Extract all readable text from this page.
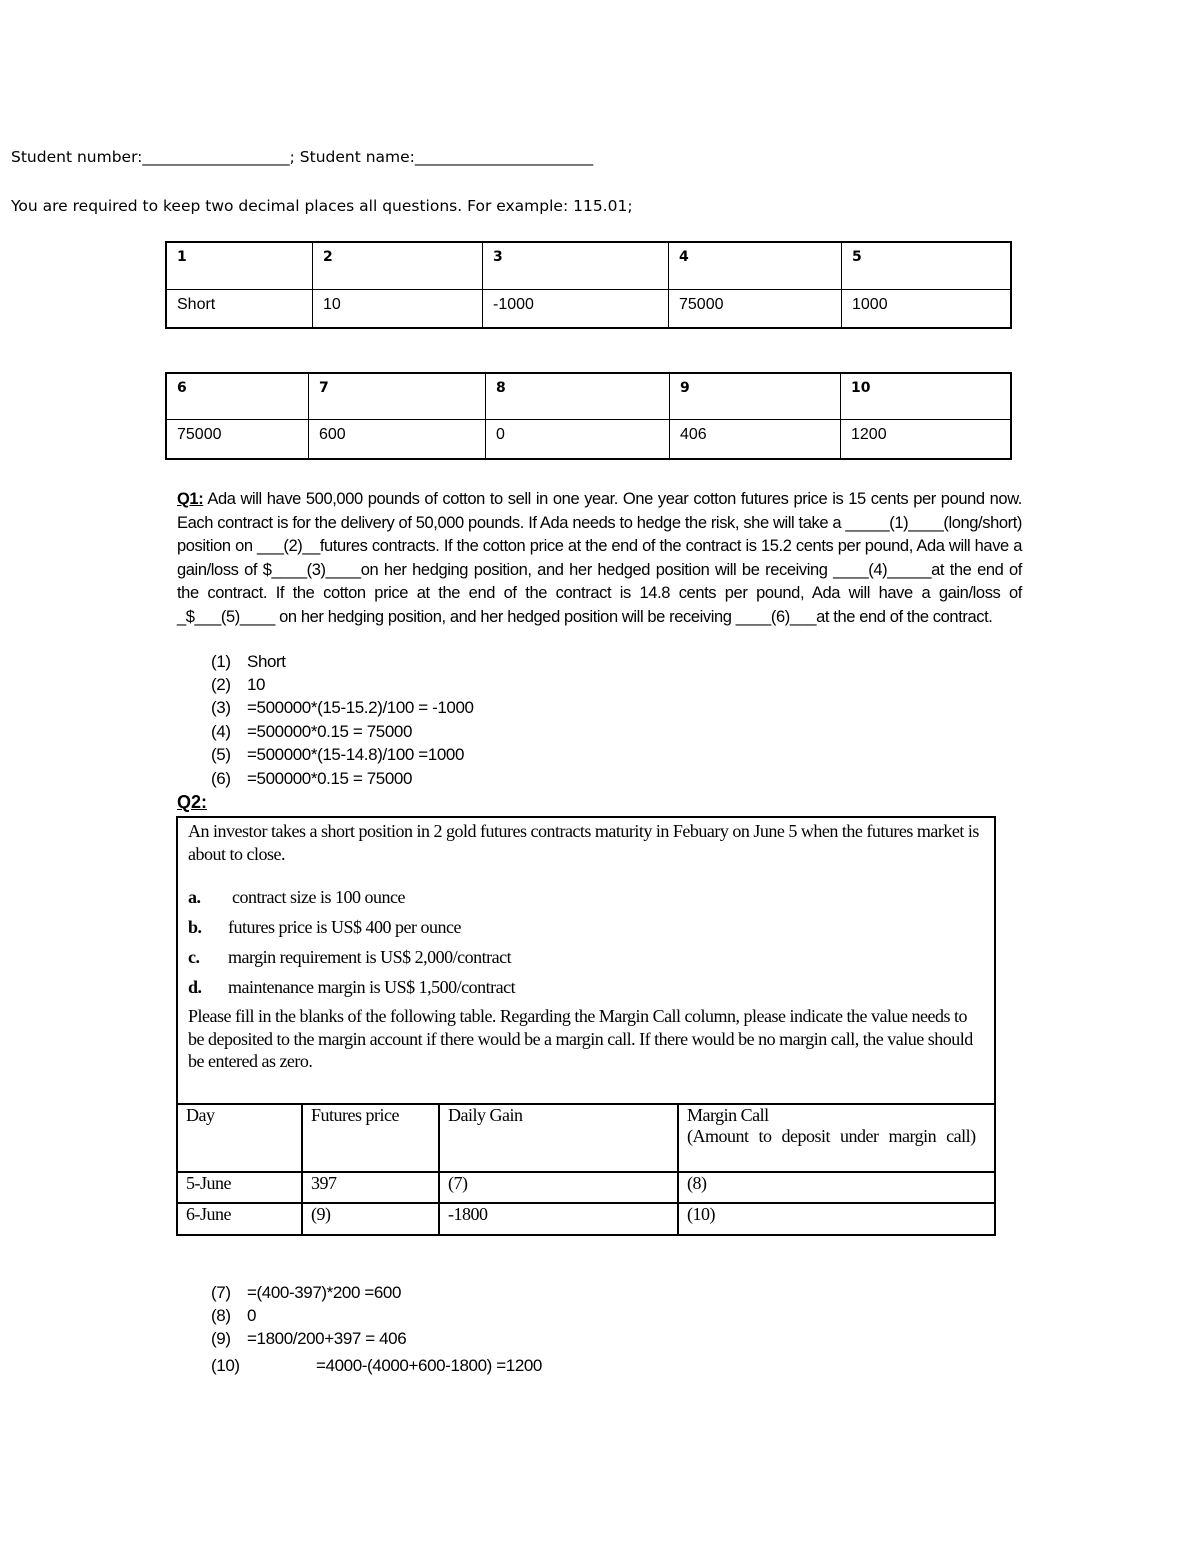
Student number:___________________; Student name:_______________________
You are required to keep two decimal places all questions. For example: 115.01;
1	2	3	4	5
Short	10	-1000	75000	1000
6	7	8	9	10
75000	600	0	406	1200
Q1: Ada will have 500,000 pounds of cotton to sell in one year. One year cotton futures price is 15 cents per pound now. Each contract is for the delivery of 50,000 pounds. If Ada needs to hedge the risk, she will take a _____(1)____(long/short) position on ___(2)__futures contracts. If the cotton price at the end of the contract is 15.2 cents per pound, Ada will have a gain/loss of $____(3)____on her hedging position, and her hedged position will be receiving ____(4)_____at the end of the contract. If the cotton price at the end of the contract is 14.8 cents per pound, Ada will have a gain/loss of _$___(5)____ on her hedging position, and her hedged position will be receiving ____(6)___at the end of the contract.
(1) Short
(2) 10
(3) =500000*(15-15.2)/100 = -1000
(4) =500000*0.15 = 75000
(5) =500000*(15-14.8)/100 =1000
(6) =500000*0.15 = 75000
Q2:

An investor takes a short position in 2 gold futures contracts maturity in Febuary on June 5 when the futures market is about to close.

a. contract size is 100 ounce
b. futures price is US$ 400 per ounce
c. margin requirement is US$ 2,000/contract
d. maintenance margin is US$ 1,500/contract

Please fill in the blanks of the following table. Regarding the Margin Call column, please indicate the value needs to be deposited to the margin account if there would be a margin call. If there would be no margin call, the value should be entered as zero.

Day	Futures price	Daily Gain	Margin Call
(Amount to deposit under margin call)

5-June	397	(7)	(8)
6-June	(9)	-1800	(10)
(7) =(400-397)*200 =600
(8) 0
(9) =1800/200+397 = 406
(10)	=4000-(4000+600-1800) =1200
